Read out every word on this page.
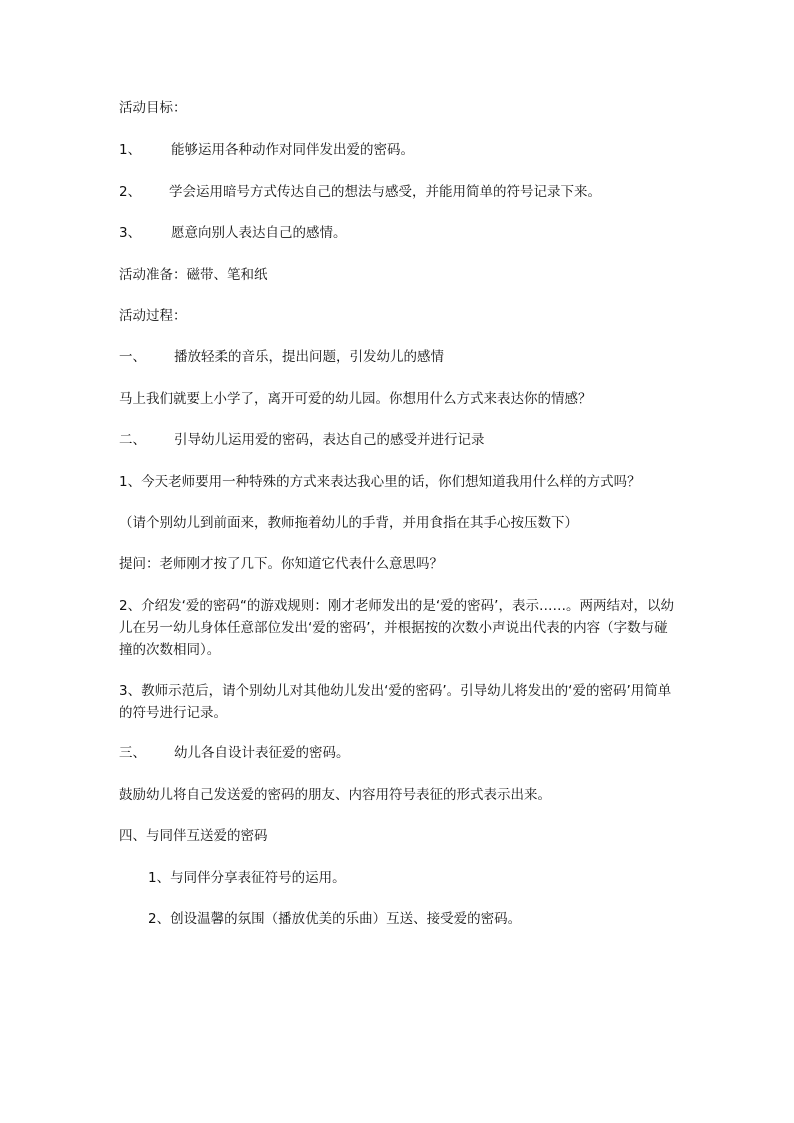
活动目标：
1、 能够运用各种动作对同伴发出爱的密码。
2、 学会运用暗号方式传达自己的想法与感受，并能用简单的符号记录下来。
3、 愿意向别人表达自己的感情。
活动准备：磁带、笔和纸
活动过程：
一、 播放轻柔的音乐，提出问题，引发幼儿的感情
马上我们就要上小学了，离开可爱的幼儿园。你想用什么方式来表达你的情感？
二、 引导幼儿运用爱的密码，表达自己的感受并进行记录
1、今天老师要用一种特殊的方式来表达我心里的话，你们想知道我用什么样的方式吗？
（请个别幼儿到前面来，教师拖着幼儿的手背，并用食指在其手心按压数下）
提问：老师刚才按了几下。你知道它代表什么意思吗？
2、介绍发‘爱的密码“的游戏规则：刚才老师发出的是‘爱的密码’，表示……。两两结对，以幼儿在另一幼儿身体任意部位发出‘爱的密码’，并根据按的次数小声说出代表的内容（字数与碰撞的次数相同）。
3、教师示范后，请个别幼儿对其他幼儿发出‘爱的密码’。引导幼儿将发出的‘爱的密码’用简单的符号进行记录。
三、 幼儿各自设计表征爱的密码。
鼓励幼儿将自己发送爱的密码的朋友、内容用符号表征的形式表示出来。
四、与同伴互送爱的密码
1、与同伴分享表征符号的运用。
2、创设温馨的氛围（播放优美的乐曲）互送、接受爱的密码。
